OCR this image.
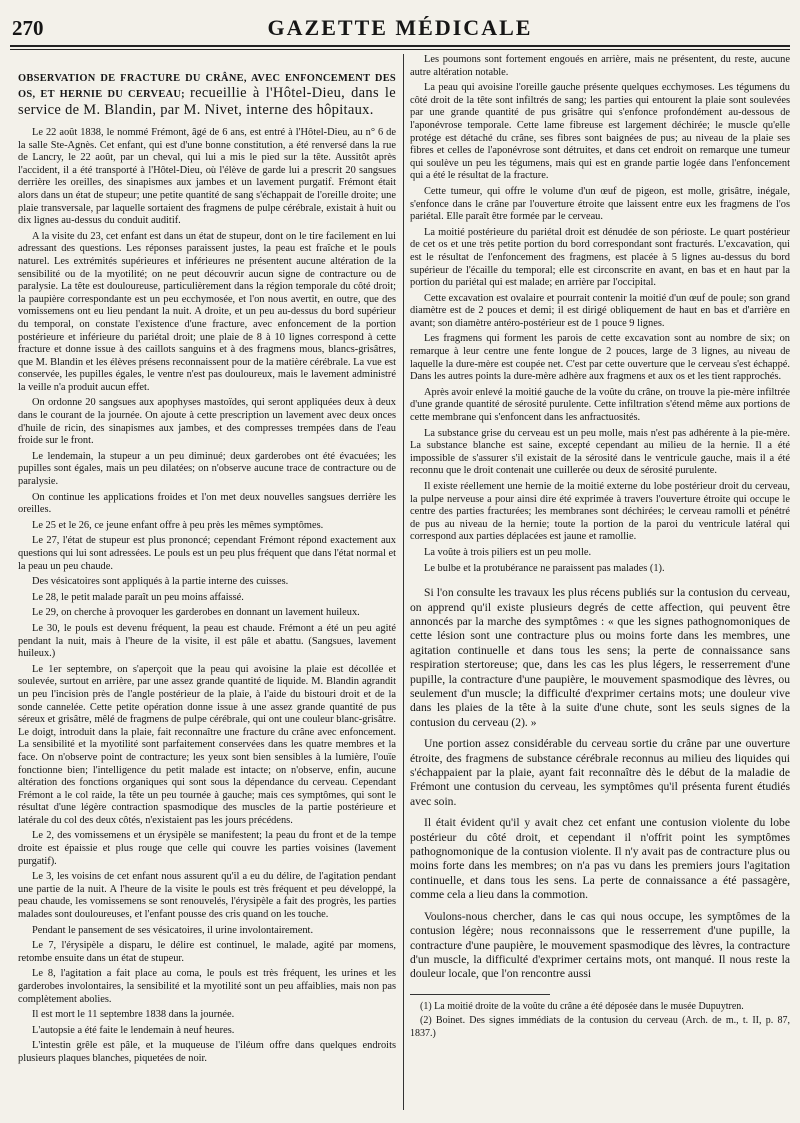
270	GAZETTE MÉDICALE
OBSERVATION DE FRACTURE DU CRÂNE, AVEC ENFONCEMENT DES OS, ET HERNIE DU CERVEAU; recueillie à l'Hôtel-Dieu, dans le service de M. Blandin, par M. Nivet, interne des hôpitaux.

Le 22 août 1838, le nommé Frémont, âgé de 6 ans, est entré à l'Hôtel-Dieu, au n° 6 de la salle Ste-Agnès. Cet enfant, qui est d'une bonne constitution, a été renversé dans la rue de Lancry, le 22 août, par un cheval, qui lui a mis le pied sur la tête. Aussitôt après l'accident, il a été transporté à l'Hôtel-Dieu, où l'élève de garde lui a prescrit 20 sangsues derrière les oreilles, des sinapismes aux jambes et un lavement purgatif. Frémont était alors dans un état de stupeur; une petite quantité de sang s'échappait de l'oreille droite; une plaie transversale, par laquelle sortaient des fragmens de pulpe cérébrale, existait à huit ou dix lignes au-dessus du conduit auditif.

A la visite du 23, cet enfant est dans un état de stupeur, dont on le tire facilement en lui adressant des questions. Les réponses paraissent justes, la peau est fraîche et le pouls naturel. Les extrémités supérieures et inférieures ne présentent aucune altération de la sensibilité ou de la myotilité; on ne peut découvrir aucun signe de contracture ou de paralysie. La tête est douloureuse, particulièrement dans la région temporale du côté droit; la paupière correspondante est un peu ecchymosée, et l'on nous avertit, en outre, que des vomissemens ont eu lieu pendant la nuit. A droite, et un peu au-dessus du bord supérieur du temporal, on constate l'existence d'une fracture, avec enfoncement de la portion postérieure et inférieure du pariétal droit; une plaie de 8 à 10 lignes correspond à cette fracture et donne issue à des caillots sanguins et à des fragmens mous, blancs-grisâtres, que M. Blandin et les élèves présens reconnaissent pour de la matière cérébrale. La vue est conservée, les pupilles égales, le ventre n'est pas douloureux, mais le lavement administré la veille n'a produit aucun effet.

On ordonne 20 sangsues aux apophyses mastoïdes, qui seront appliquées deux à deux dans le courant de la journée. On ajoute à cette prescription un lavement avec deux onces d'huile de ricin, des sinapismes aux jambes, et des compresses trempées dans de l'eau froide sur le front.

Le lendemain, la stupeur a un peu diminué; deux garderobes ont été évacuées; les pupilles sont égales, mais un peu dilatées; on n'observe aucune trace de contracture ou de paralysie.

On continue les applications froides et l'on met deux nouvelles sangsues derrière les oreilles.

Le 25 et le 26, ce jeune enfant offre à peu près les mêmes symptômes.

Le 27, l'état de stupeur est plus prononcé; cependant Frémont répond exactement aux questions qui lui sont adressées. Le pouls est un peu plus fréquent que dans l'état normal et la peau un peu chaude.

Des vésicatoires sont appliqués à la partie interne des cuisses.

Le 28, le petit malade paraît un peu moins affaissé.

Le 29, on cherche à provoquer les garderobes en donnant un lavement huileux.

Le 30, le pouls est devenu fréquent, la peau est chaude. Frémont a été un peu agité pendant la nuit, mais à l'heure de la visite, il est pâle et abattu. (Sangsues, lavement huileux.)

Le 1er septembre, on s'aperçoit que la peau qui avoisine la plaie est décollée et soulevée, surtout en arrière, par une assez grande quantité de liquide. M. Blandin agrandit un peu l'incision près de l'angle postérieur de la plaie, à l'aide du bistouri droit et de la sonde cannelée. Cette petite opération donne issue à une assez grande quantité de pus séreux et grisâtre, mêlé de fragmens de pulpe cérébrale, qui ont une couleur blanc-grisâtre. Le doigt, introduit dans la plaie, fait reconnaître une fracture du crâne avec enfoncement. La sensibilité et la myotilité sont parfaitement conservées dans les quatre membres et la face. On n'observe point de contracture; les yeux sont bien sensibles à la lumière, l'ouïe fonctionne bien; l'intelligence du petit malade est intacte; on n'observe, enfin, aucune altération des fonctions organiques qui sont sous la dépendance du cerveau. Cependant Frémont a le col raide, la tête un peu tournée à gauche; mais ces symptômes, qui sont le résultat d'une légère contraction spasmodique des muscles de la partie postérieure et latérale du col des deux côtés, n'existaient pas les jours précédens.

Le 2, des vomissemens et un érysipèle se manifestent; la peau du front et de la tempe droite est épaissie et plus rouge que celle qui couvre les parties voisines (lavement purgatif).

Le 3, les voisins de cet enfant nous assurent qu'il a eu du délire, de l'agitation pendant une partie de la nuit. A l'heure de la visite le pouls est très fréquent et peu développé, la peau chaude, les vomissemens se sont renouvelés, l'érysipèle a fait des progrès, les parties malades sont douloureuses, et l'enfant pousse des cris quand on les touche.

Pendant le pansement de ses vésicatoires, il urine involontairement.

Le 7, l'érysipèle a disparu, le délire est continuel, le malade, agité par momens, retombe ensuite dans un état de stupeur.

Le 8, l'agitation a fait place au coma, le pouls est très fréquent, les urines et les garderobes involontaires, la sensibilité et la myotilité sont un peu affaiblies, mais non pas complètement abolies.

Il est mort le 11 septembre 1838 dans la journée.

L'autopsie a été faite le lendemain à neuf heures.

L'intestin grêle est pâle, et la muqueuse de l'iléum offre dans quelques endroits plusieurs plaques blanches, piquetées de noir.

Les poumons sont fortement engoués en arrière, mais ne présentent, du reste, aucune autre altération notable.

La peau qui avoisine l'oreille gauche présente quelques ecchymoses. Les tégumens du côté droit de la tête sont infiltrés de sang; les parties qui entourent la plaie sont soulevées par une grande quantité de pus grisâtre qui s'enfonce profondément au-dessous de l'aponévrose temporale. Cette lame fibreuse est largement déchirée; le muscle qu'elle protége est détaché du crâne, ses fibres sont baignées de pus; au niveau de la plaie ses fibres et celles de l'aponévrose sont détruites, et dans cet endroit on remarque une tumeur qui soulève un peu les tégumens, mais qui est en grande partie logée dans l'enfoncement qui a été le résultat de la fracture.

Cette tumeur, qui offre le volume d'un œuf de pigeon, est molle, grisâtre, inégale, s'enfonce dans le crâne par l'ouverture étroite que laissent entre eux les fragmens de l'os pariétal. Elle paraît être formée par le cerveau.

La moitié postérieure du pariétal droit est dénudée de son périoste. Le quart postérieur de cet os et une très petite portion du bord correspondant sont fracturés. L'excavation, qui est le résultat de l'enfoncement des fragmens, est placée à 5 lignes au-dessus du bord supérieur de l'écaille du temporal; elle est circonscrite en avant, en bas et en haut par la portion du pariétal qui est malade; en arrière par l'occipital.

Cette excavation est ovalaire et pourrait contenir la moitié d'un œuf de poule; son grand diamètre est de 2 pouces et demi; il est dirigé obliquement de haut en bas et d'arrière en avant; son diamètre antéro-postérieur est de 1 pouce 9 lignes.

Les fragmens qui forment les parois de cette excavation sont au nombre de six; on remarque à leur centre une fente longue de 2 pouces, large de 3 lignes, au niveau de laquelle la dure-mère est coupée net. C'est par cette ouverture que le cerveau s'est échappé. Dans les autres points la dure-mère adhère aux fragmens et aux os et les tient rapprochés.

Après avoir enlevé la moitié gauche de la voûte du crâne, on trouve la pie-mère infiltrée d'une grande quantité de sérosité purulente. Cette infiltration s'étend même aux portions de cette membrane qui s'enfoncent dans les anfractuosités.

La substance grise du cerveau est un peu molle, mais n'est pas adhérente à la pie-mère. La substance blanche est saine, excepté cependant au milieu de la hernie. Il a été impossible de s'assurer s'il existait de la sérosité dans le ventricule gauche, mais il a été reconnu que le droit contenait une cuillerée ou deux de sérosité purulente.

Il existe réellement une hernie de la moitié externe du lobe postérieur droit du cerveau, la pulpe nerveuse a pour ainsi dire été exprimée à travers l'ouverture étroite qui occupe le centre des parties fracturées; les membranes sont déchirées; le cerveau ramolli et pénétré de pus au niveau de la hernie; toute la portion de la paroi du ventricule latéral qui correspond aux parties déplacées est jaune et ramollie.

La voûte à trois piliers est un peu molle.

Le bulbe et la protubérance ne paraissent pas malades (1).

Si l'on consulte les travaux les plus récens publiés sur la contusion du cerveau, on apprend qu'il existe plusieurs degrés de cette affection, qui peuvent être annoncés par la marche des symptômes : « que les signes pathognomoniques de cette lésion sont une contracture plus ou moins forte dans les membres, une agitation continuelle et dans tous les sens; la perte de connaissance sans respiration stertoreuse; que, dans les cas les plus légers, le resserrement d'une pupille, la contracture d'une paupière, le mouvement spasmodique des lèvres, ou seulement d'un muscle; la difficulté d'exprimer certains mots; une douleur vive dans les plaies de la tête à la suite d'une chute, sont les seuls signes de la contusion du cerveau (2). »

Une portion assez considérable du cerveau sortie du crâne par une ouverture étroite, des fragmens de substance cérébrale reconnus au milieu des liquides qui s'échappaient par la plaie, ayant fait reconnaître dès le début de la maladie de Frémont une contusion du cerveau, les symptômes qu'il présenta furent étudiés avec soin.

Il était évident qu'il y avait chez cet enfant une contusion violente du lobe postérieur du côté droit, et cependant il n'offrit point les symptômes pathognomonique de la contusion violente. Il n'y avait pas de contracture plus ou moins forte dans les membres; on n'a pas vu dans les premiers jours l'agitation continuelle, et dans tous les sens. La perte de connaissance a été passagère, comme cela a lieu dans la commotion.

Voulons-nous chercher, dans le cas qui nous occupe, les symptômes de la contusion légère; nous reconnaissons que le resserrement d'une pupille, la contracture d'une paupière, le mouvement spasmodique des lèvres, la contracture d'un muscle, la difficulté d'exprimer certains mots, ont manqué. Il nous reste la douleur locale, que l'on rencontre aussi

(1) La moitié droite de la voûte du crâne a été déposée dans le musée Dupuytren.

(2) Boinet. Des signes immédiats de la contusion du cerveau (Arch. de m., t. II, p. 87, 1837.)
